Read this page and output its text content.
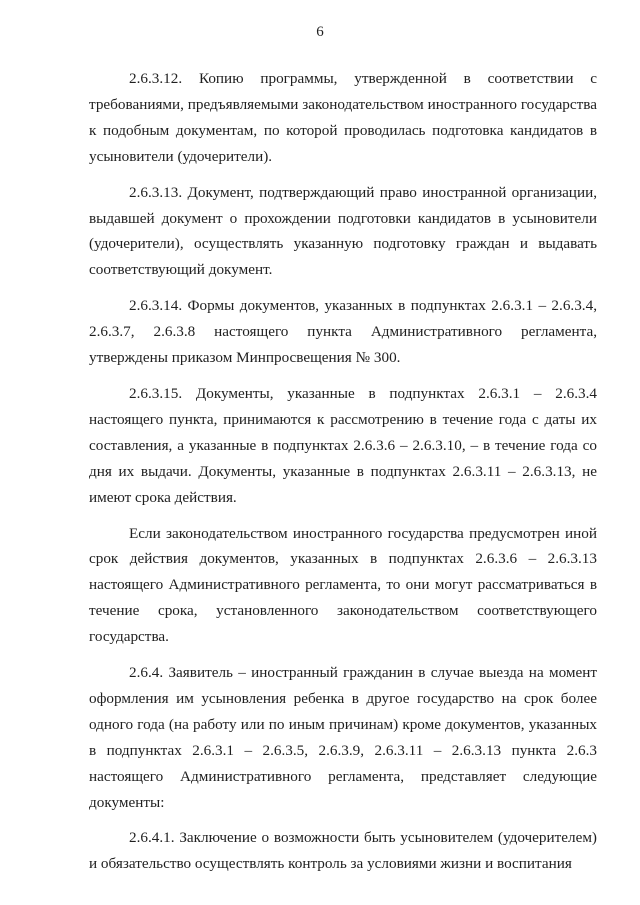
6

2.6.3.12. Копию программы, утвержденной в соответствии с требованиями, предъявляемыми законодательством иностранного государства к подобным документам, по которой проводилась подготовка кандидатов в усыновители (удочерители).

2.6.3.13. Документ, подтверждающий право иностранной организации, выдавшей документ о прохождении подготовки кандидатов в усыновители (удочерители), осуществлять указанную подготовку граждан и выдавать соответствующий документ.

2.6.3.14. Формы документов, указанных в подпунктах 2.6.3.1 – 2.6.3.4, 2.6.3.7, 2.6.3.8 настоящего пункта Административного регламента, утверждены приказом Минпросвещения № 300.

2.6.3.15. Документы, указанные в подпунктах 2.6.3.1 – 2.6.3.4 настоящего пункта, принимаются к рассмотрению в течение года с даты их составления, а указанные в подпунктах 2.6.3.6 – 2.6.3.10, – в течение года со дня их выдачи. Документы, указанные в подпунктах 2.6.3.11 – 2.6.3.13, не имеют срока действия.

Если законодательством иностранного государства предусмотрен иной срок действия документов, указанных в подпунктах 2.6.3.6 – 2.6.3.13 настоящего Административного регламента, то они могут рассматриваться в течение срока, установленного законодательством соответствующего государства.

2.6.4. Заявитель – иностранный гражданин в случае выезда на момент оформления им усыновления ребенка в другое государство на срок более одного года (на работу или по иным причинам) кроме документов, указанных в подпунктах 2.6.3.1 – 2.6.3.5, 2.6.3.9, 2.6.3.11 – 2.6.3.13 пункта 2.6.3 настоящего Административного регламента, представляет следующие документы:

2.6.4.1. Заключение о возможности быть усыновителем (удочерителем) и обязательство осуществлять контроль за условиями жизни и воспитания
